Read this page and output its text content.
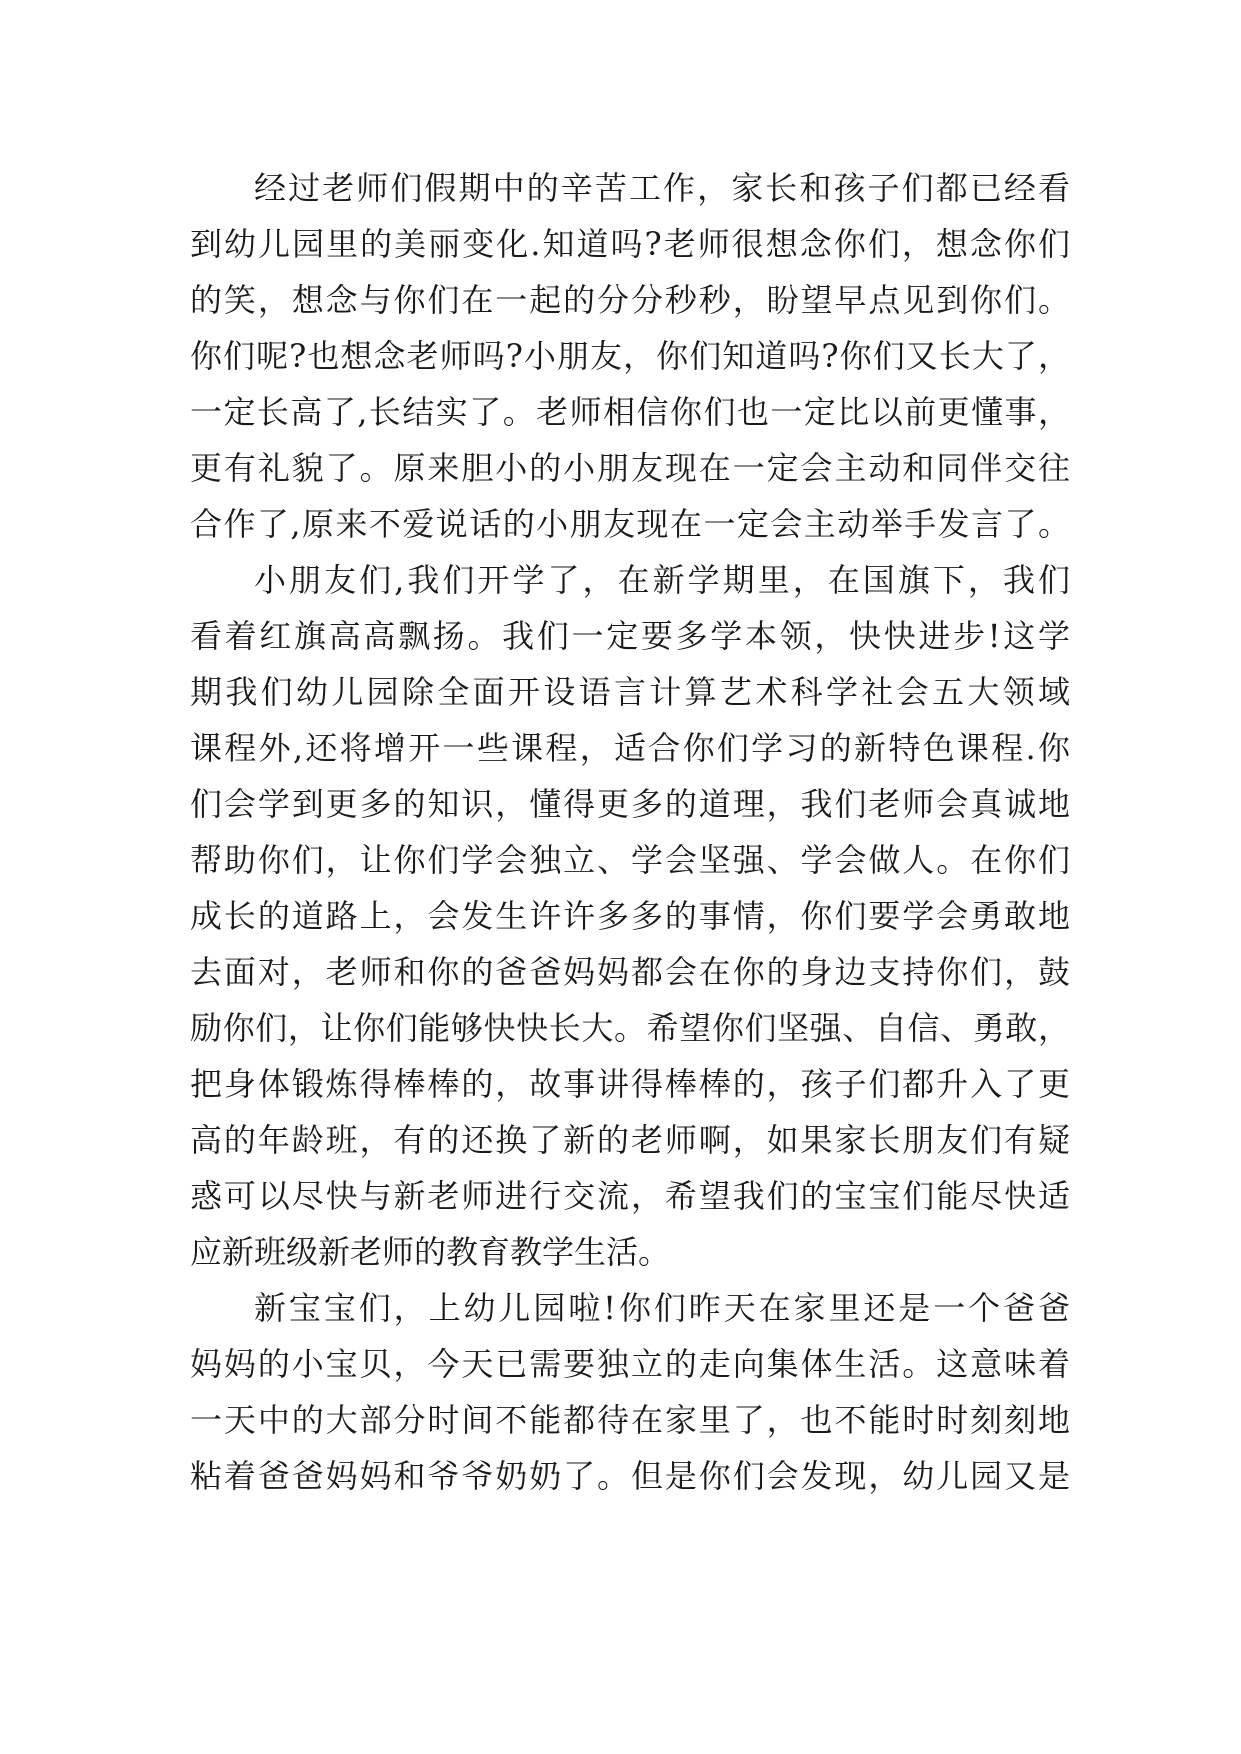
经过老师们假期中的辛苦工作，家长和孩子们都已经看
到幼儿园里的美丽变化.知道吗?老师很想念你们，想念你们
的笑，想念与你们在一起的分分秒秒，盼望早点见到你们。
你们呢?也想念老师吗?小朋友，你们知道吗?你们又长大了，
一定长高了,长结实了。老师相信你们也一定比以前更懂事，
更有礼貌了。原来胆小的小朋友现在一定会主动和同伴交往
合作了,原来不爱说话的小朋友现在一定会主动举手发言了。
小朋友们,我们开学了，在新学期里，在国旗下，我们
看着红旗高高飘扬。我们一定要多学本领，快快进步!这学
期我们幼儿园除全面开设语言计算艺术科学社会五大领域
课程外,还将增开一些课程，适合你们学习的新特色课程.你
们会学到更多的知识，懂得更多的道理，我们老师会真诚地
帮助你们，让你们学会独立、学会坚强、学会做人。在你们
成长的道路上，会发生许许多多的事情，你们要学会勇敢地
去面对，老师和你的爸爸妈妈都会在你的身边支持你们，鼓
励你们，让你们能够快快长大。希望你们坚强、自信、勇敢，
把身体锻炼得棒棒的，故事讲得棒棒的，孩子们都升入了更
高的年龄班，有的还换了新的老师啊，如果家长朋友们有疑
惑可以尽快与新老师进行交流，希望我们的宝宝们能尽快适
应新班级新老师的教育教学生活。
新宝宝们，上幼儿园啦!你们昨天在家里还是一个爸爸
妈妈的小宝贝，今天已需要独立的走向集体生活。这意味着
一天中的大部分时间不能都待在家里了，也不能时时刻刻地
粘着爸爸妈妈和爷爷奶奶了。但是你们会发现，幼儿园又是
